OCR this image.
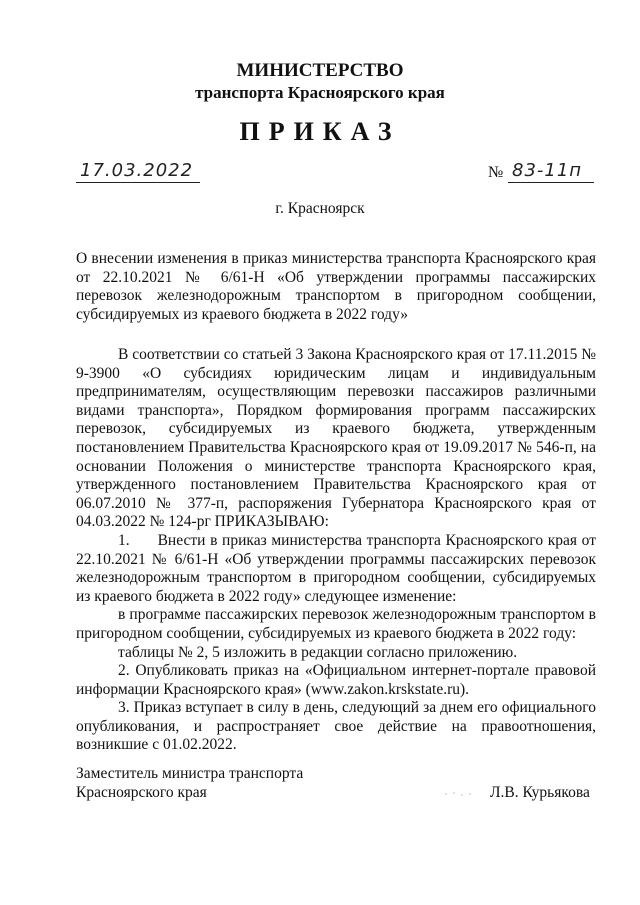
МИНИСТЕРСТВО
транспорта Красноярского края
ПРИКАЗ
17.03.2022	№ 83-11п
г. Красноярск
О внесении изменения в приказ министерства транспорта Красноярского края от 22.10.2021 № 6/61-Н «Об утверждении программы пассажирских перевозок железнодорожным транспортом в пригородном сообщении, субсидируемых из краевого бюджета в 2022 году»

В соответствии со статьей 3 Закона Красноярского края от 17.11.2015 № 9-3900 «О субсидиях юридическим лицам и индивидуальным предпринимателям, осуществляющим перевозки пассажиров различными видами транспорта», Порядком формирования программ пассажирских перевозок, субсидируемых из краевого бюджета, утвержденным постановлением Правительства Красноярского края от 19.09.2017 № 546-п, на основании Положения о министерстве транспорта Красноярского края, утвержденного постановлением Правительства Красноярского края от 06.07.2010 № 377-п, распоряжения Губернатора Красноярского края от 04.03.2022 № 124-рг ПРИКАЗЫВАЮ:

1.      Внести в приказ министерства транспорта Красноярского края от 22.10.2021 № 6/61-Н «Об утверждении программы пассажирских перевозок железнодорожным транспортом в пригородном сообщении, субсидируемых из краевого бюджета в 2022 году» следующее изменение:

в программе пассажирских перевозок железнодорожным транспортом в пригородном сообщении, субсидируемых из краевого бюджета в 2022 году:

таблицы № 2, 5 изложить в редакции согласно приложению.

2. Опубликовать приказ на «Официальном интернет-портале правовой информации Красноярского края» (www.zakon.krskstate.ru).

3. Приказ вступает в силу в день, следующий за днем его официального опубликования, и распространяет свое действие на правоотношения, возникшие с 01.02.2022.

Заместитель министра транспорта
Красноярского края	Л.В. Курьякова
